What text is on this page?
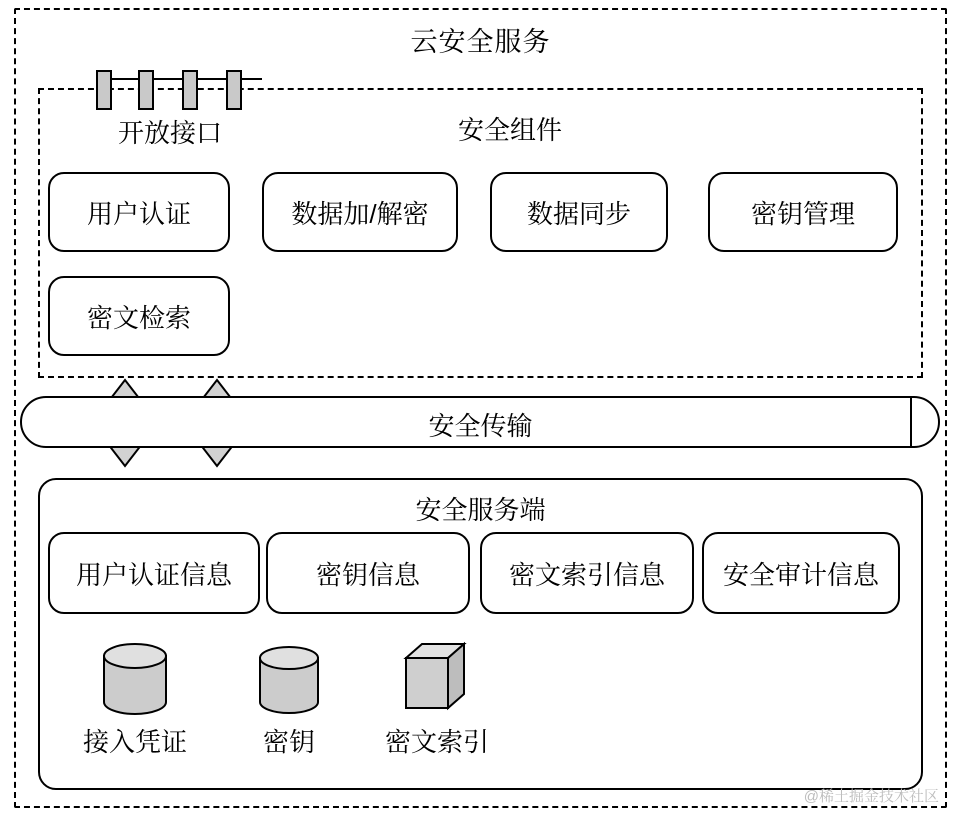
云安全服务
开放接口	安全组件
用户认证	数据加/解密	数据同步	密钥管理
密文检索
安全传输
安全服务端
用户认证信息	密钥信息	密文索引信息 安全审计信息
接入凭证	密钥	密文索引
@稀土掘金技术社区
